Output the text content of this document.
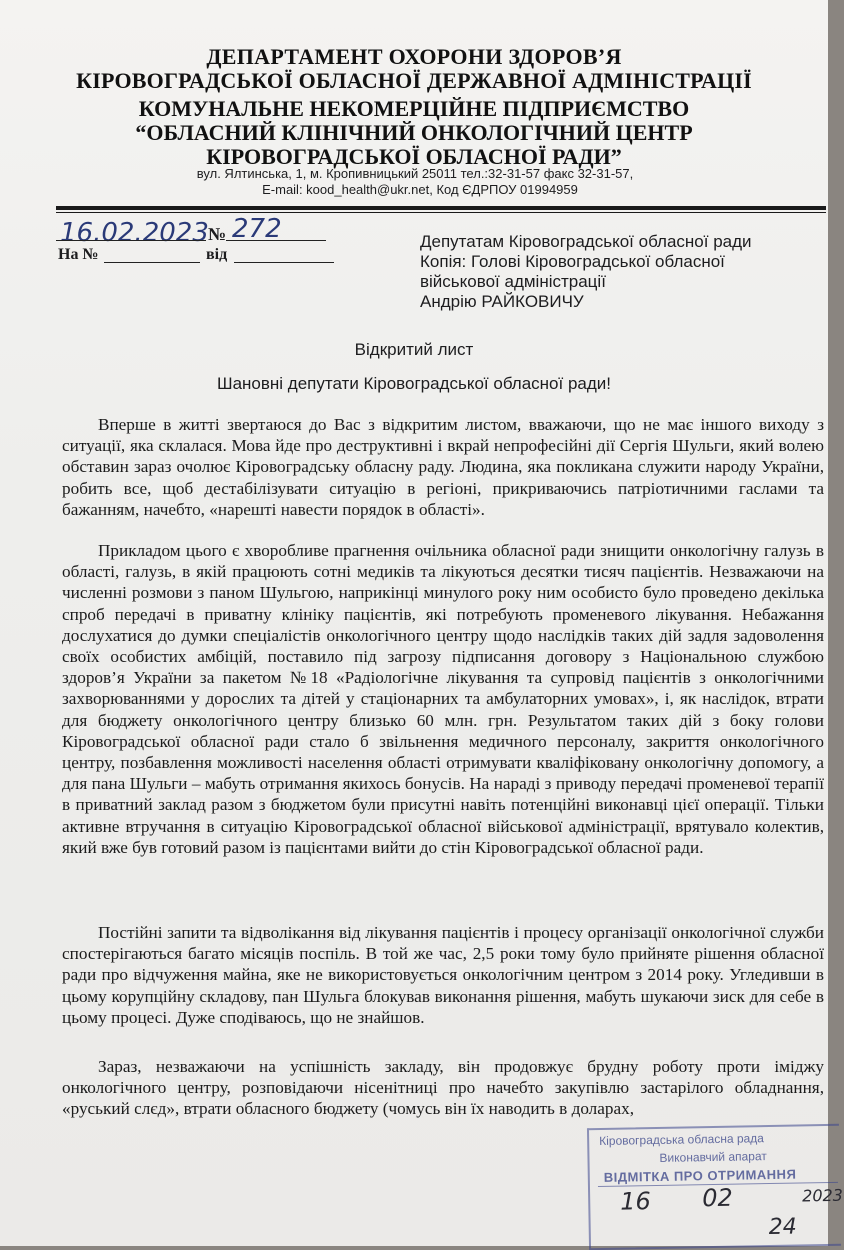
ДЕПАРТАМЕНТ ОХОРОНИ ЗДОРОВ’Я
КІРОВОГРАДСЬКОЇ ОБЛАСНОЇ ДЕРЖАВНОЇ АДМІНІСТРАЦІЇ
КОМУНАЛЬНЕ НЕКОМЕРЦІЙНЕ ПІДПРИЄМСТВО
“ОБЛАСНИЙ КЛІНІЧНИЙ ОНКОЛОГІЧНИЙ ЦЕНТР
КІРОВОГРАДСЬКОЇ ОБЛАСНОЇ РАДИ”
вул. Ялтинська, 1, м. Кропивницький 25011 тел.:32-31-57 факс 32-31-57,
E-mail: kood_health@ukr.net, Код ЄДРПОУ 01994959
16.02.2023 № 272
На №	від
Депутатам Кіровоградської обласної ради
Копія: Голові Кіровоградської обласної
військової адміністрації
Андрію РАЙКОВИЧУ
Відкритий лист
Шановні депутати Кіровоградської обласної ради!

Вперше в житті звертаюся до Вас з відкритим листом, вважаючи, що не має іншого виходу з ситуації, яка склалася. Мова йде про деструктивні і вкрай непрофесійні дії Сергія Шульги, який волею обставин зараз очолює Кіровоградську обласну раду. Людина, яка покликана служити народу України, робить все, щоб дестабілізувати ситуацію в регіоні, прикриваючись патріотичними гаслами та бажанням, начебто, «нарешті навести порядок в області».

Прикладом цього є хворобливе прагнення очільника обласної ради знищити онкологічну галузь в області, галузь, в якій працюють сотні медиків та лікуються десятки тисяч пацієнтів. Незважаючи на численні розмови з паном Шульгою, наприкінці минулого року ним особисто було проведено декілька спроб передачі в приватну клініку пацієнтів, які потребують променевого лікування. Небажання дослухатися до думки спеціалістів онкологічного центру щодо наслідків таких дій задля задоволення своїх особистих амбіцій, поставило під загрозу підписання договору з Національною службою здоров’я України за пакетом №18 «Радіологічне лікування та супровід пацієнтів з онкологічними захворюваннями у дорослих та дітей у стаціонарних та амбулаторних умовах», і, як наслідок, втрати для бюджету онкологічного центру близько 60 млн. грн. Результатом таких дій з боку голови Кіровоградської обласної ради стало б звільнення медичного персоналу, закриття онкологічного центру, позбавлення можливості населення області отримувати кваліфіковану онкологічну допомогу, а для пана Шульги – мабуть отримання якихось бонусів. На нараді з приводу передачі променевої терапії в приватний заклад разом з бюджетом були присутні навіть потенційні виконавці цієї операції. Тільки активне втручання в ситуацію Кіровоградської обласної військової адміністрації, врятувало колектив, який вже був готовий разом із пацієнтами вийти до стін Кіровоградської обласної ради.

Постійні запити та відволікання від лікування пацієнтів і процесу організації онкологічної служби спостерігаються багато місяців поспіль. В той же час, 2,5 роки тому було прийняте рішення обласної ради про відчуження майна, яке не використовується онкологічним центром з 2014 року. Угледивши в цьому корупційну складову, пан Шульга блокував виконання рішення, мабуть шукаючи зиск для себе в цьому процесі. Дуже сподіваюсь, що не знайшов.

Зараз, незважаючи на успішність закладу, він продовжує брудну роботу проти іміджу онкологічного центру, розповідаючи нісенітниці про начебто закупівлю застарілого обладнання, «руський слєд», втрати обласного бюджету (чомусь він їх наводить в доларах,

Кіровоградська обласна рада
Виконавчий апарат
ВІДМІТКА ПРО ОТРИМАННЯ
16 02	2023
24
